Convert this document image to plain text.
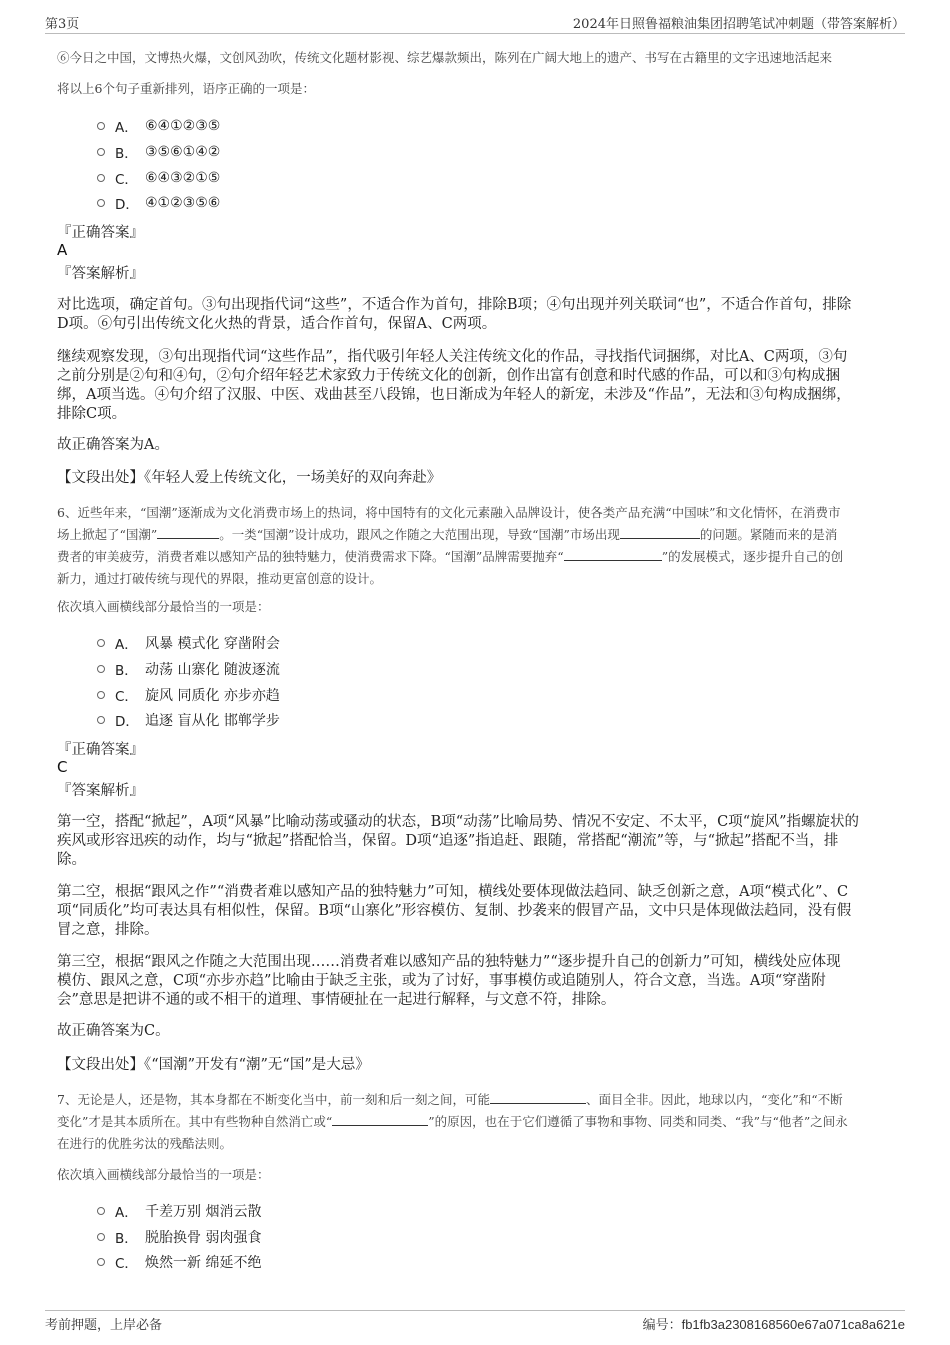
第3页	2024年日照鲁福粮油集团招聘笔试冲刺题（带答案解析）
⑥今日之中国，文博热火爆，文创风劲吹，传统文化题材影视、综艺爆款频出，陈列在广阔大地上的遗产、书写在古籍里的文字迅速地活起来
将以上6个句子重新排列，语序正确的一项是：
A． ⑥④①②③⑤
B． ③⑤⑥①④②
C． ⑥④③②①⑤
D． ④①②③⑤⑥
『正确答案』
A
『答案解析』
对比选项，确定首句。③句出现指代词“这些”，不适合作为首句，排除B项；④句出现并列关联词“也”，不适合作首句，排除
D项。⑥句引出传统文化火热的背景，适合作首句，保留A、C两项。
继续观察发现，③句出现指代词“这些作品”，指代吸引年轻人关注传统文化的作品，寻找指代词捆绑，对比A、C两项，③句
之前分别是②句和④句，②句介绍年轻艺术家致力于传统文化的创新，创作出富有创意和时代感的作品，可以和③句构成捆
绑，A项当选。④句介绍了汉服、中医、戏曲甚至八段锦，也日渐成为年轻人的新宠，未涉及“作品”，无法和③句构成捆绑，
排除C项。
故正确答案为A。
【文段出处】《年轻人爱上传统文化，一场美好的双向奔赴》
6、近些年来，“国潮”逐渐成为文化消费市场上的热词，将中国特有的文化元素融入品牌设计，使各类产品充满“中国味”和文化情怀，在消费市
场上掀起了“国潮”	。一类“国潮”设计成功，跟风之作随之大范围出现，导致“国潮”市场出现	的问题。紧随而来的是消
费者的审美疲劳，消费者难以感知产品的独特魅力，使消费需求下降。“国潮”品牌需要抛弃“	”的发展模式，逐步提升自己的创
新力，通过打破传统与现代的界限，推动更富创意的设计。
依次填入画横线部分最恰当的一项是：
A． 风暴 模式化 穿凿附会
B． 动荡 山寨化 随波逐流
C． 旋风 同质化 亦步亦趋
D． 追逐 盲从化 邯郸学步
『正确答案』
C
『答案解析』
第一空，搭配“掀起”，A项“风暴”比喻动荡或骚动的状态，B项“动荡”比喻局势、情况不安定、不太平，C项“旋风”指螺旋状的
疾风或形容迅疾的动作，均与“掀起”搭配恰当，保留。D项“追逐”指追赶、跟随，常搭配“潮流”等，与“掀起”搭配不当，排
除。
第二空，根据“跟风之作”“消费者难以感知产品的独特魅力”可知，横线处要体现做法趋同、缺乏创新之意，A项“模式化”、C
项“同质化”均可表达具有相似性，保留。B项“山寨化”形容模仿、复制、抄袭来的假冒产品，文中只是体现做法趋同，没有假
冒之意，排除。
第三空，根据“跟风之作随之大范围出现……消费者难以感知产品的独特魅力”“逐步提升自己的创新力”可知，横线处应体现
模仿、跟风之意，C项“亦步亦趋”比喻由于缺乏主张，或为了讨好，事事模仿或追随别人，符合文意，当选。A项“穿凿附
会”意思是把讲不通的或不相干的道理、事情硬扯在一起进行解释，与文意不符，排除。
故正确答案为C。
【文段出处】《“国潮”开发有“潮”无“国”是大忌》
7、无论是人，还是物，其本身都在不断变化当中，前一刻和后一刻之间，可能	、面目全非。因此，地球以内，“变化”和“不断
变化”才是其本质所在。其中有些物种自然消亡或“	”的原因，也在于它们遵循了事物和事物、同类和同类、“我”与“他者”之间永
在进行的优胜劣汰的残酷法则。
依次填入画横线部分最恰当的一项是：
A． 千差万别 烟消云散
B． 脱胎换骨 弱肉强食
C． 焕然一新 绵延不绝
考前押题，上岸必备	编号：fb1fb3a2308168560e67a071ca8a621e
